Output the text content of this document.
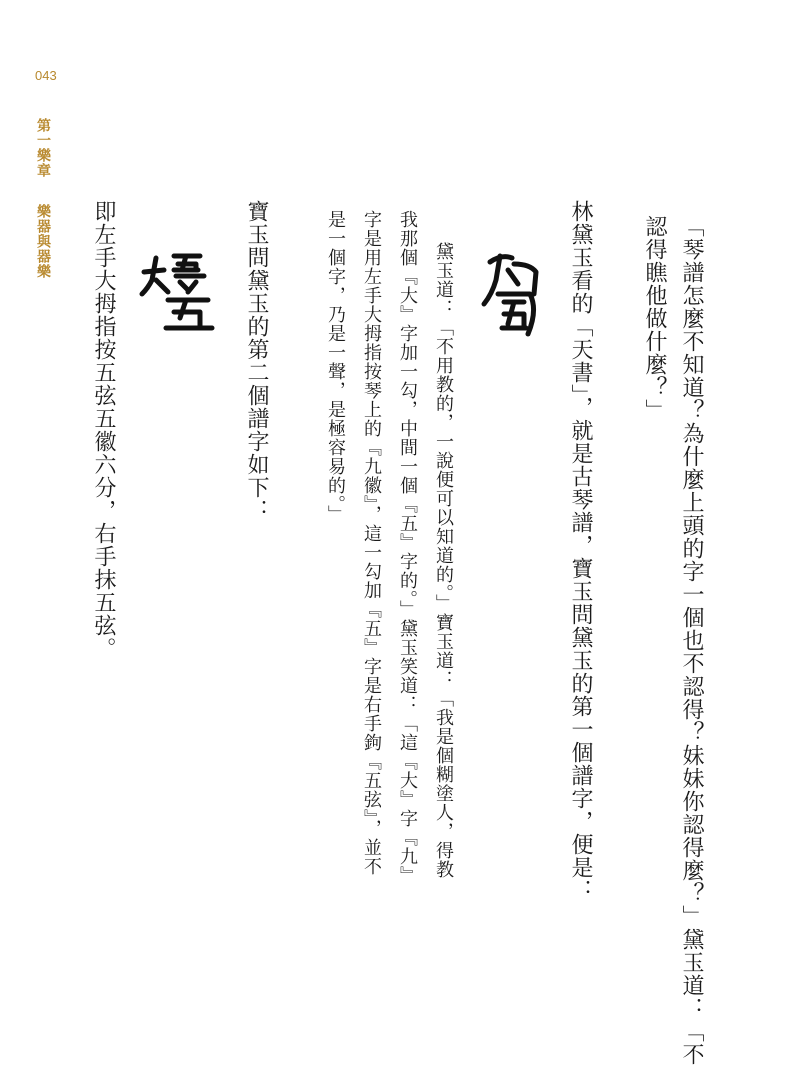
043
第一樂章  樂器與器樂	「琴譜怎麼不知道？為什麼上頭的字一個也不認得？妹妹你認得麼？」黛玉道：「不
認得瞧他做什麼？」
林黛玉看的「天書」，就是古琴譜，寶玉問黛玉的第一個譜字，便是：
黛玉道：「不用教的，一說便可以知道的。」寶玉道：「我是個糊塗人，得教
我那個『大』字加一勾，中間一個『五』字的。」黛玉笑道：「這『大』字『九』
字是用左手大拇指按琴上的『九徽』，這一勾加『五』字是右手鉤『五弦』，並不
是一個字，乃是一聲，是極容易的。」
寶玉問黛玉的第二個譜字如下：
即左手大拇指按五弦五徽六分，右手抹五弦。
